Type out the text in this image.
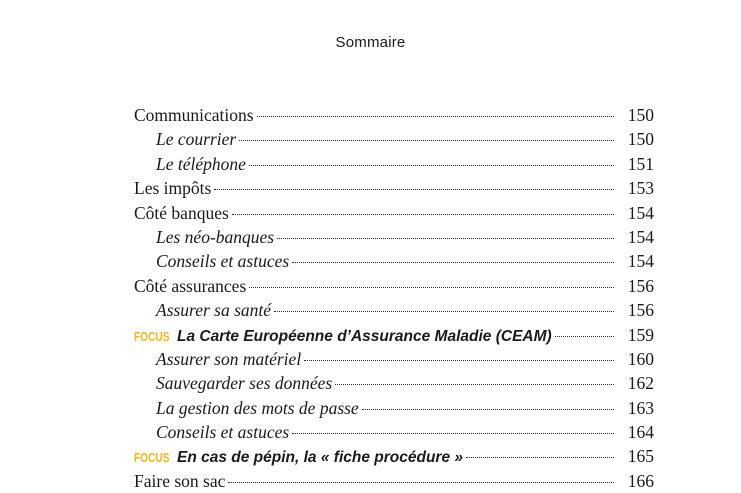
Sommaire
Communications	150
Le courrier	150
Le téléphone	151
Les impôts	153
Côté banques	154
Les néo-banques	154
Conseils et astuces	154
Côté assurances	156
Assurer sa santé	156
FOCUS La Carte Européenne d’Assurance Maladie (CEAM)	159
Assurer son matériel	160
Sauvegarder ses données	162
La gestion des mots de passe	163
Conseils et astuces	164
FOCUS En cas de pépin, la « fiche procédure »	165
Faire son sac	166
